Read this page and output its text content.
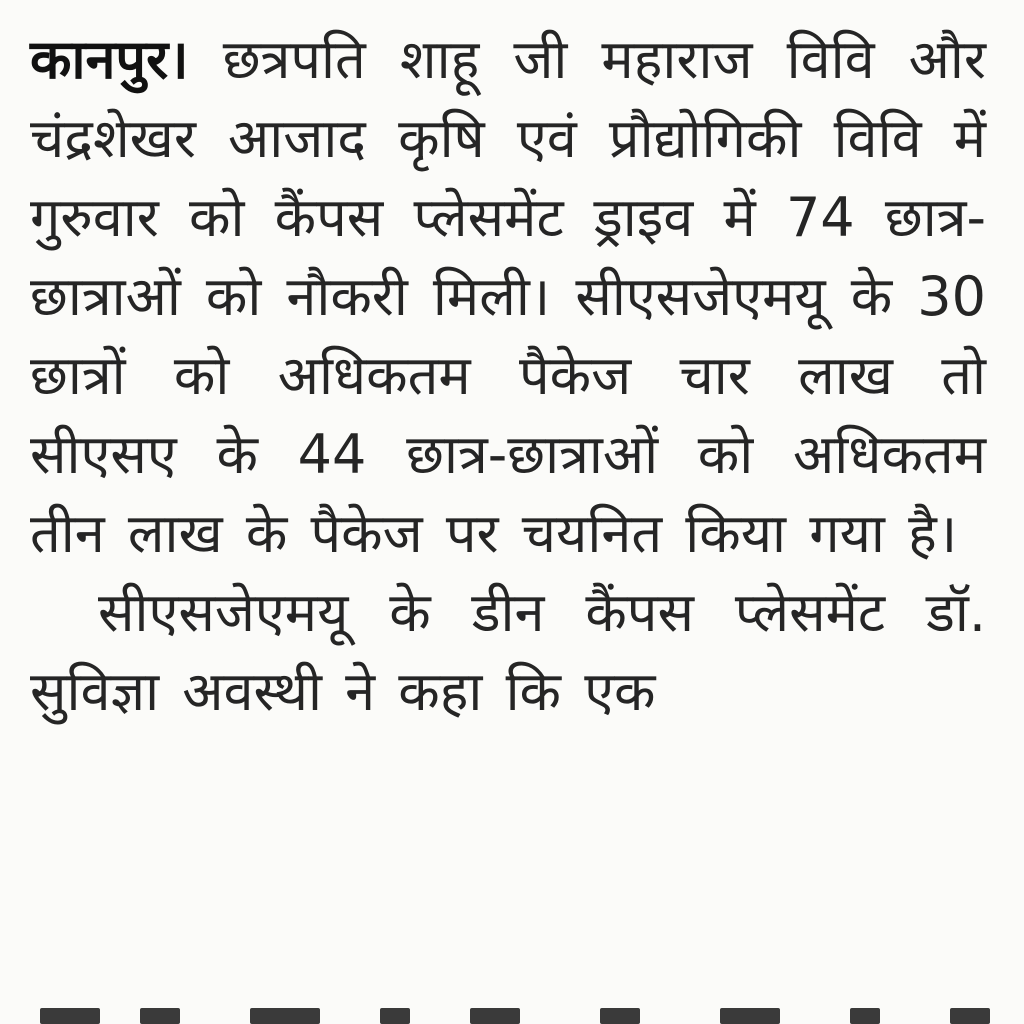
कानपुर। छत्रपति शाहू जी महाराज विवि और चंद्रशेखर आजाद कृषि एवं प्रौद्योगिकी विवि में गुरुवार को कैंपस प्लेसमेंट ड्राइव में 74 छात्र-छात्राओं को नौकरी मिली। सीएसजेएमयू के 30 छात्रों को अधिकतम पैकेज चार लाख तो सीएसए के 44 छात्र-छात्राओं को अधिकतम तीन लाख के पैकेज पर चयनित किया गया है।

सीएसजेएमयू के डीन कैंपस प्लेसमेंट डॉ. सुविज्ञा अवस्थी ने कहा कि एक
